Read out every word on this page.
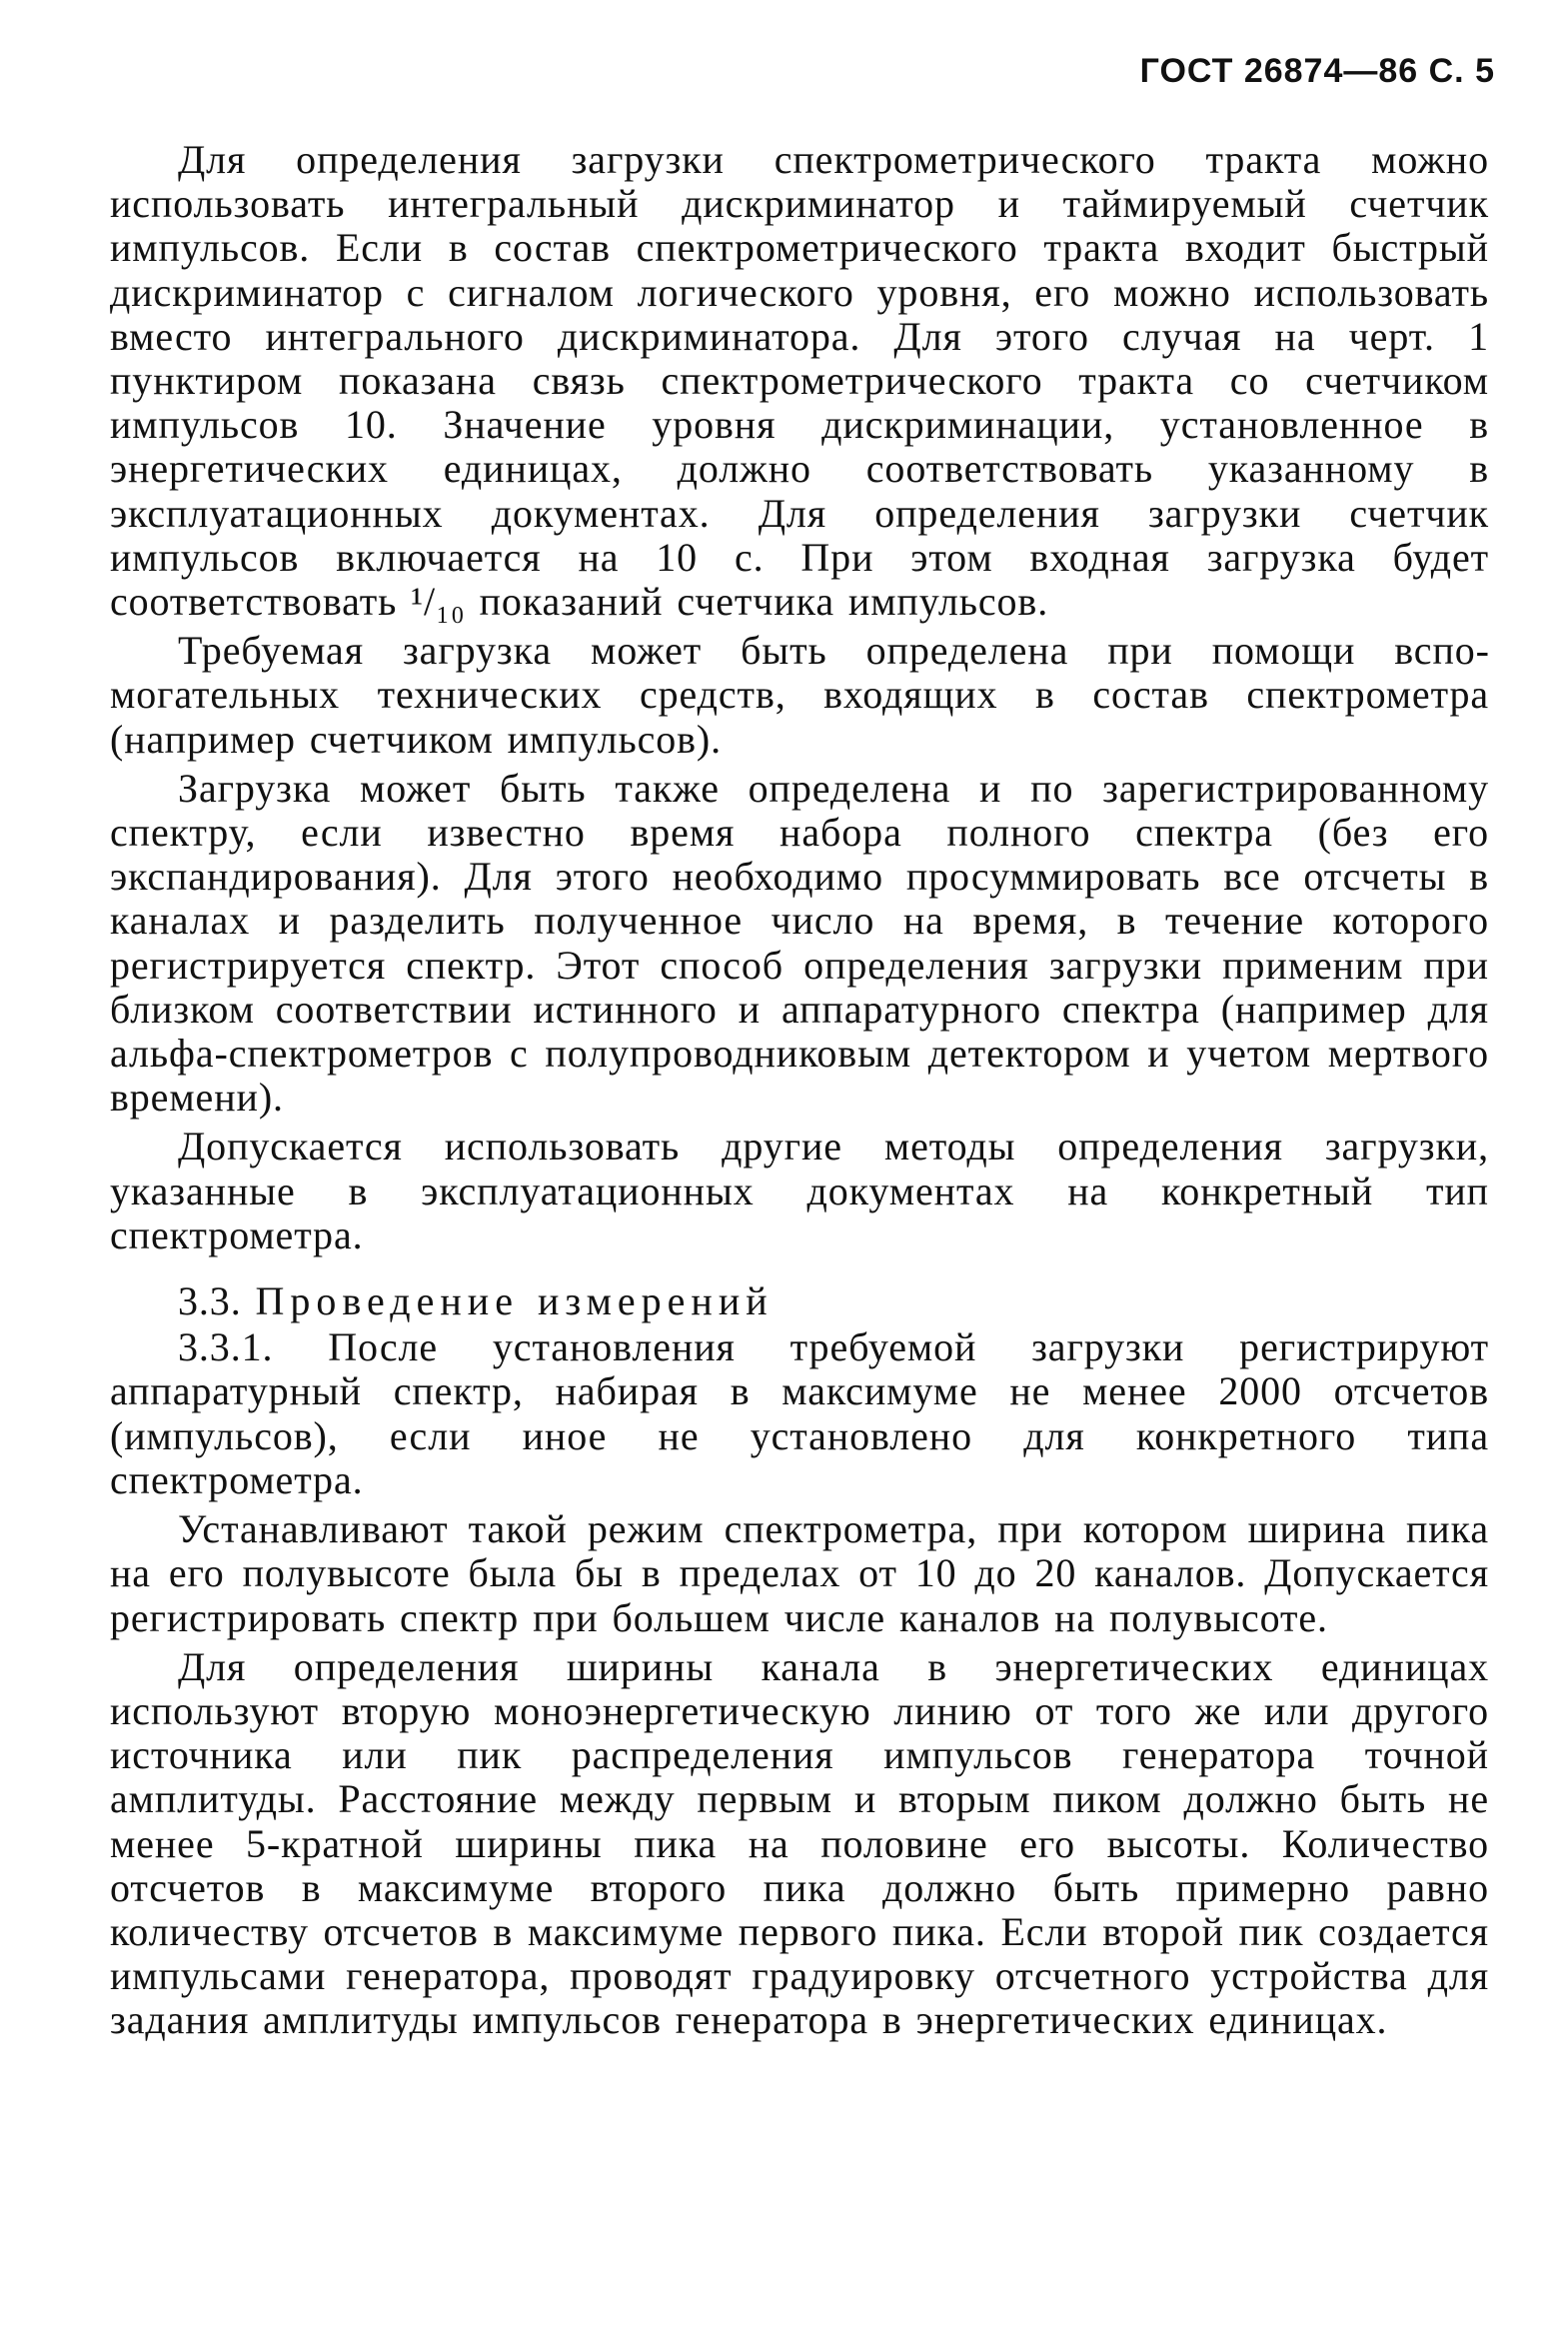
ГОСТ 26874—86 С. 5

Для определения загрузки спектрометрического тракта можно использовать интегральный дискриминатор и таймируемый счетчик импульсов. Если в состав спектрометрического тракта входит быстрый дискриминатор с сигналом логического уровня, его можно использовать вместо интегрального дискриминатора. Для этого случая на черт. 1 пунктиром показана связь спектрометрического тракта со счетчиком импульсов 10. Значение уровня дискриминации, установленное в энергетических единицах, должно соответствовать указанному в эксплуатационных документах. Для определения загрузки счетчик импульсов включается на 10 с. При этом входная загрузка будет соответствовать ¹/₁₀ показаний счетчика импульсов.

Требуемая загрузка может быть определена при помощи вспомогательных технических средств, входящих в состав спектрометра (например счетчиком импульсов).

Загрузка может быть также определена и по зарегистрированному спектру, если известно время набора полного спектра (без его экспандирования). Для этого необходимо просуммировать все отсчеты в каналах и разделить полученное число на время, в течение которого регистрируется спектр. Этот способ определения загрузки применим при близком соответствии истинного и аппаратурного спектра (например для альфа-спектрометров с полупроводниковым детектором и учетом мертвого времени).

Допускается использовать другие методы определения загрузки, указанные в эксплуатационных документах на конкретный тип спектрометра.

3.3. Проведение измерений

3.3.1. После установления требуемой загрузки регистрируют аппаратурный спектр, набирая в максимуме не менее 2000 отсчетов (импульсов), если иное не установлено для конкретного типа спектрометра.

Устанавливают такой режим спектрометра, при котором ширина пика на его полувысоте была бы в пределах от 10 до 20 каналов. Допускается регистрировать спектр при большем числе каналов на полувысоте.

Для определения ширины канала в энергетических единицах используют вторую моноэнергетическую линию от того же или другого источника или пик распределения импульсов генератора точной амплитуды. Расстояние между первым и вторым пиком должно быть не менее 5-кратной ширины пика на половине его высоты. Количество отсчетов в максимуме второго пика должно быть примерно равно количеству отсчетов в максимуме первого пика. Если второй пик создается импульсами генератора, проводят градуировку отсчетного устройства для задания амплитуды импульсов генератора в энергетических единицах.
